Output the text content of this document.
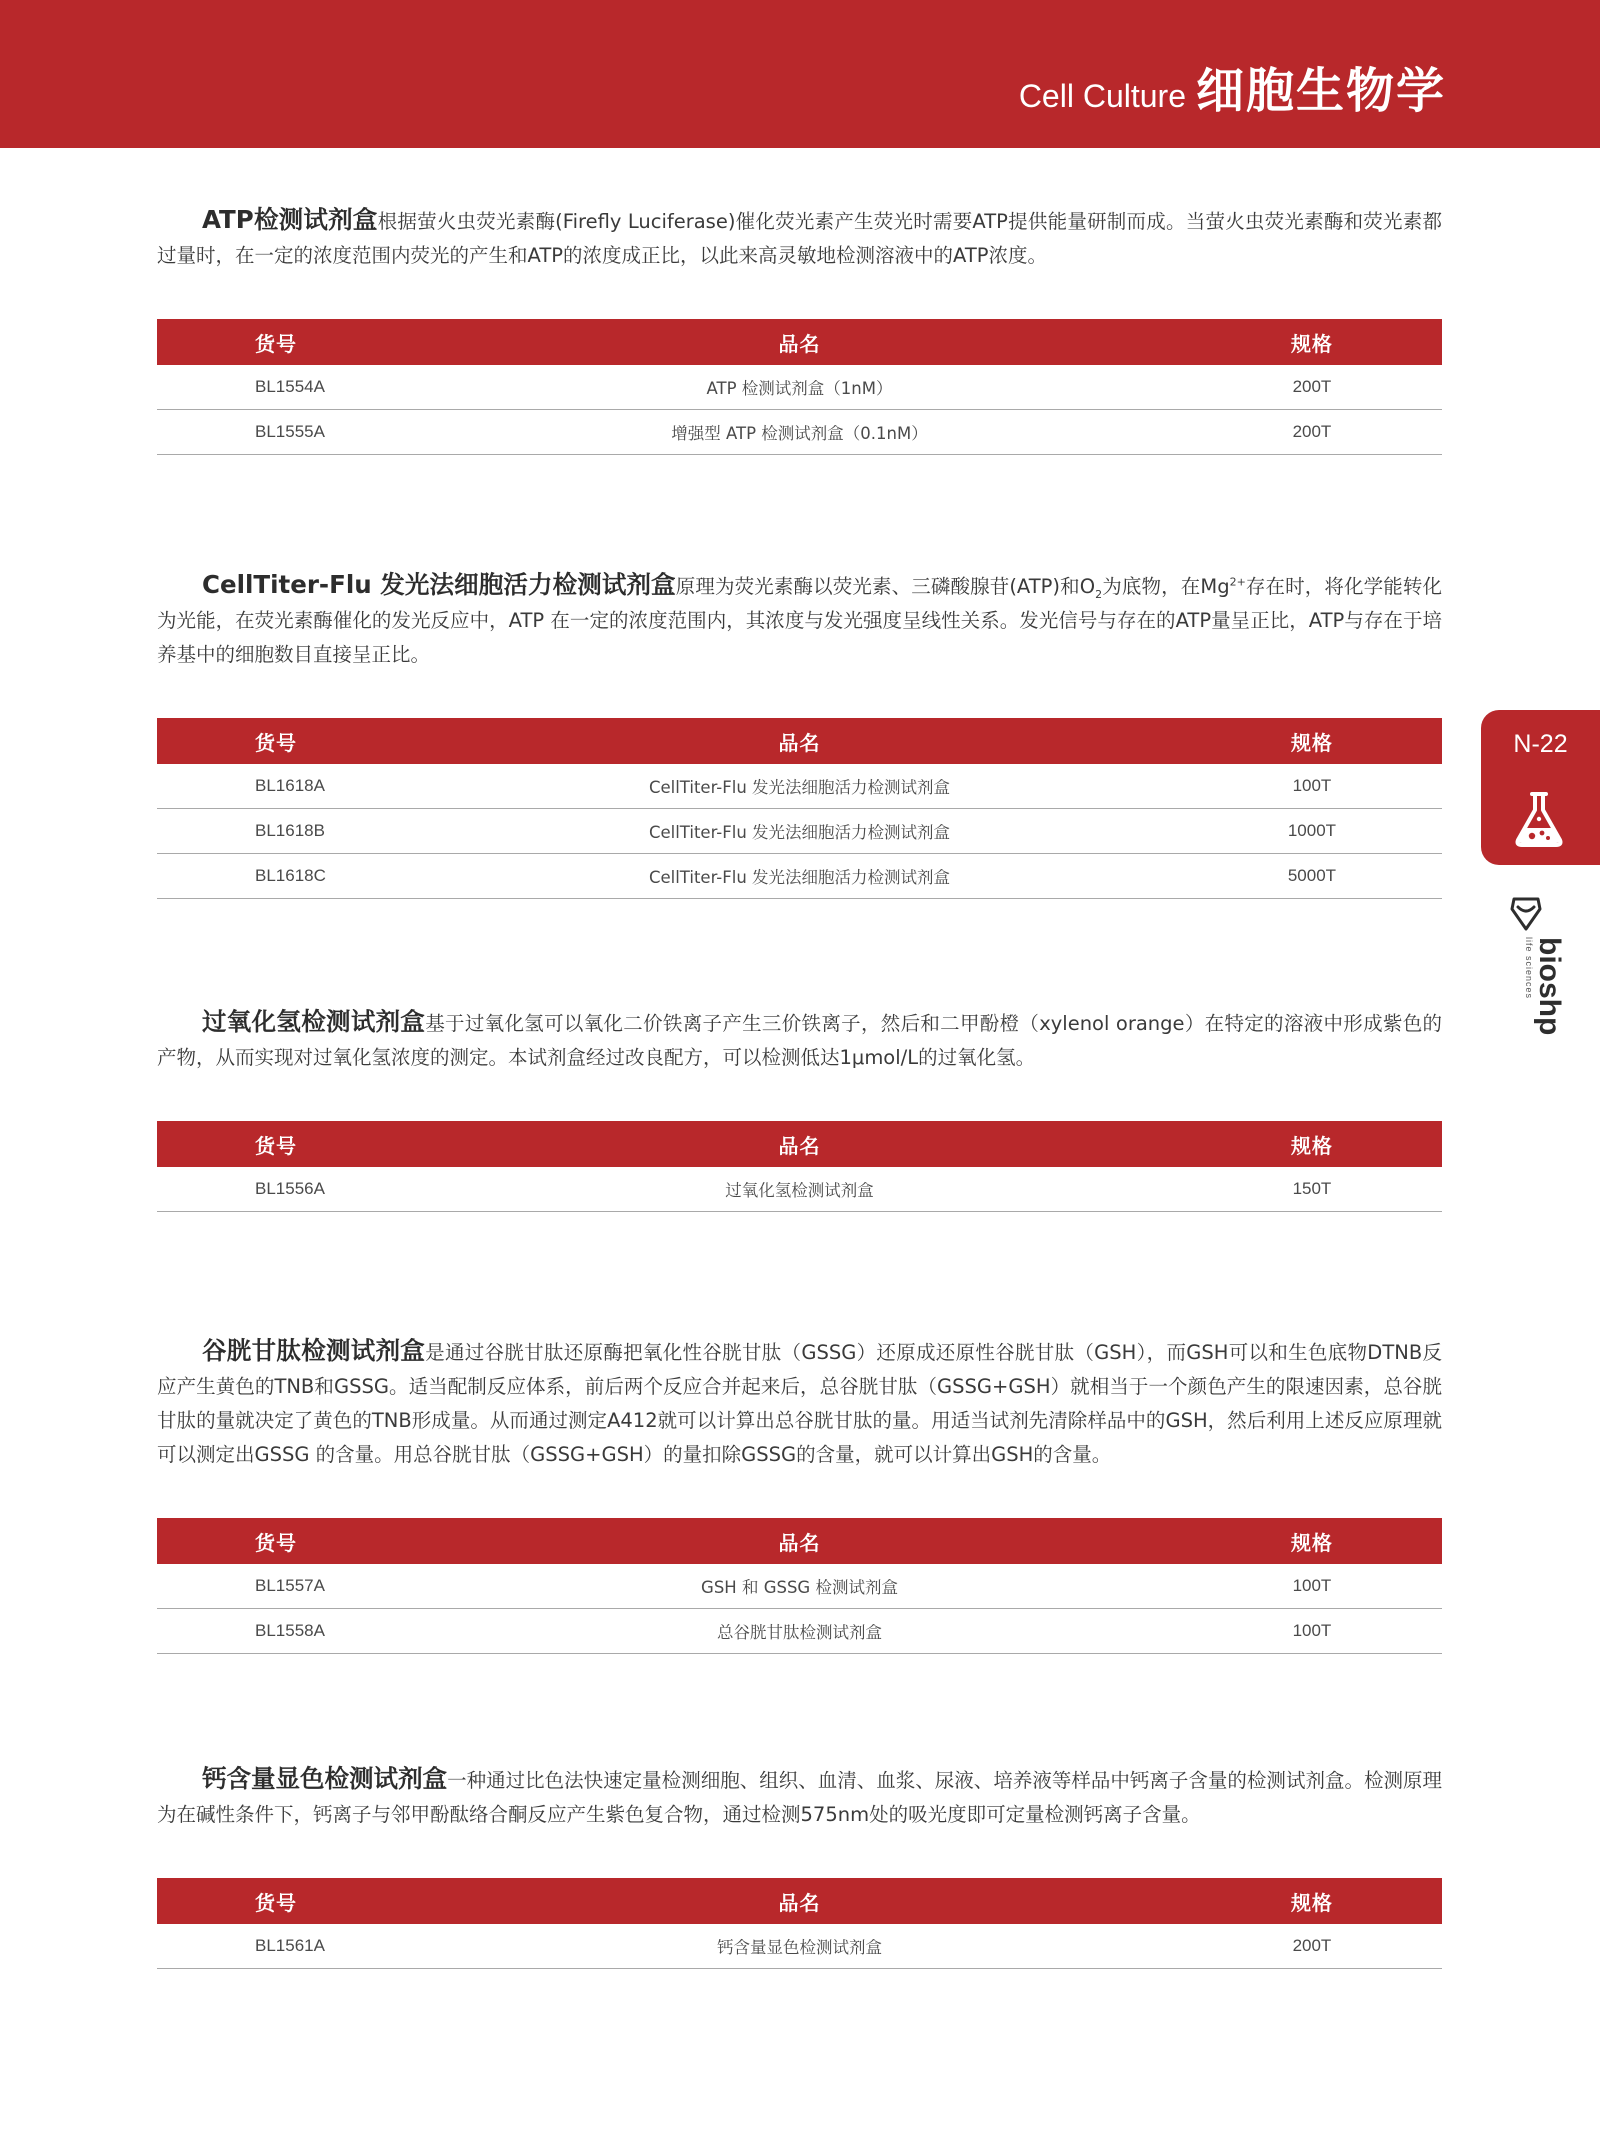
Cell Culture 细胞生物学

ATP检测试剂盒根据萤火虫荧光素酶(Firefly Luciferase)催化荧光素产生荧光时需要ATP提供能量研制而成。当萤火虫荧光素酶和荧光素都过量时，在一定的浓度范围内荧光的产生和ATP的浓度成正比，以此来高灵敏地检测溶液中的ATP浓度。

货号	品名	规格
BL1554A	ATP 检测试剂盒（1nM）	200T
BL1555A	增强型 ATP 检测试剂盒（0.1nM）	200T

CellTiter-Flu 发光法细胞活力检测试剂盒原理为荧光素酶以荧光素、三磷酸腺苷(ATP)和$O_2$为底物，在$Mg^{2+}$存在时，将化学能转化为光能，在荧光素酶催化的发光反应中，ATP 在一定的浓度范围内，其浓度与发光强度呈线性关系。发光信号与存在的ATP量呈正比，ATP与存在于培养基中的细胞数目直接呈正比。

货号	品名	规格
BL1618A	CellTiter-Flu 发光法细胞活力检测试剂盒	100T
BL1618B	CellTiter-Flu 发光法细胞活力检测试剂盒	1000T
BL1618C	CellTiter-Flu 发光法细胞活力检测试剂盒	5000T

过氧化氢检测试剂盒基于过氧化氢可以氧化二价铁离子产生三价铁离子，然后和二甲酚橙（xylenol orange）在特定的溶液中形成紫色的产物，从而实现对过氧化氢浓度的测定。本试剂盒经过改良配方，可以检测低达1μmol/L的过氧化氢。

货号	品名	规格
BL1556A	过氧化氢检测试剂盒	150T

谷胱甘肽检测试剂盒是通过谷胱甘肽还原酶把氧化性谷胱甘肽（GSSG）还原成还原性谷胱甘肽（GSH），而GSH可以和生色底物DTNB反应产生黄色的TNB和GSSG。适当配制反应体系，前后两个反应合并起来后，总谷胱甘肽（GSSG+GSH）就相当于一个颜色产生的限速因素，总谷胱甘肽的量就决定了黄色的TNB形成量。从而通过测定A412就可以计算出总谷胱甘肽的量。用适当试剂先清除样品中的GSH，然后利用上述反应原理就可以测定出GSSG 的含量。用总谷胱甘肽（GSSG+GSH）的量扣除GSSG的含量，就可以计算出GSH的含量。

货号	品名	规格
BL1557A	GSH 和 GSSG 检测试剂盒	100T
BL1558A	总谷胱甘肽检测试剂盒	100T

钙含量显色检测试剂盒一种通过比色法快速定量检测细胞、组织、血清、血浆、尿液、培养液等样品中钙离子含量的检测试剂盒。检测原理为在碱性条件下，钙离子与邻甲酚酞络合酮反应产生紫色复合物，通过检测575nm处的吸光度即可定量检测钙离子含量。

货号	品名	规格
BL1561A	钙含量显色检测试剂盒	200T
N-22
bioshp
life sciences
